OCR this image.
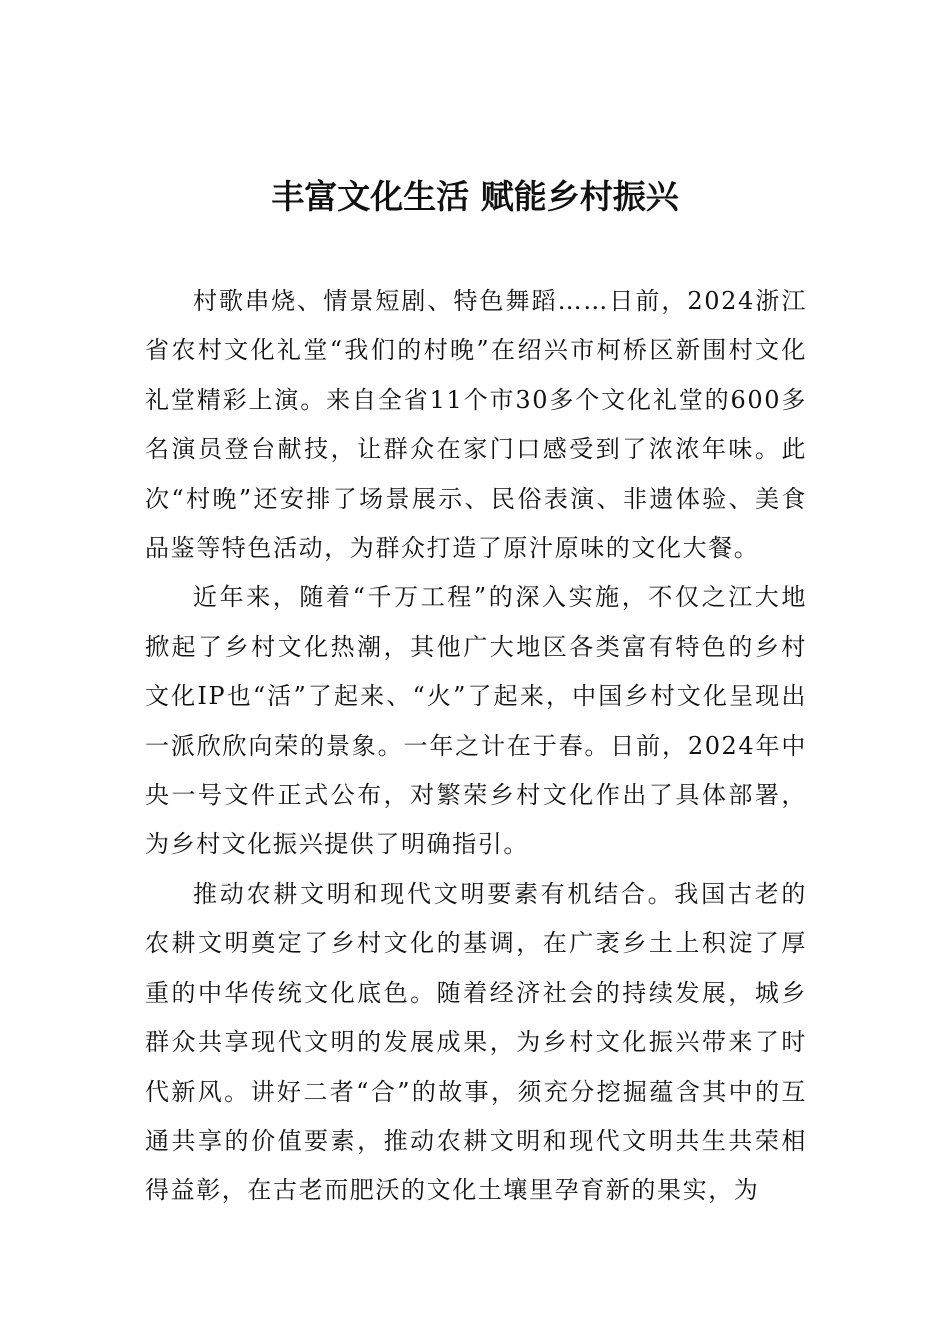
丰富文化生活 赋能乡村振兴

村歌串烧、情景短剧、特色舞蹈……日前，2024浙江省农村文化礼堂“我们的村晚”在绍兴市柯桥区新围村文化礼堂精彩上演。来自全省11个市30多个文化礼堂的600多名演员登台献技，让群众在家门口感受到了浓浓年味。此次“村晚”还安排了场景展示、民俗表演、非遗体验、美食品鉴等特色活动，为群众打造了原汁原味的文化大餐。

近年来，随着“千万工程”的深入实施，不仅之江大地掀起了乡村文化热潮，其他广大地区各类富有特色的乡村文化IP也“活”了起来、“火”了起来，中国乡村文化呈现出一派欣欣向荣的景象。一年之计在于春。日前，2024年中央一号文件正式公布，对繁荣乡村文化作出了具体部署，为乡村文化振兴提供了明确指引。

推动农耕文明和现代文明要素有机结合。我国古老的农耕文明奠定了乡村文化的基调，在广袤乡土上积淀了厚重的中华传统文化底色。随着经济社会的持续发展，城乡群众共享现代文明的发展成果，为乡村文化振兴带来了时代新风。讲好二者“合”的故事，须充分挖掘蕴含其中的互通共享的价值要素，推动农耕文明和现代文明共生共荣相得益彰，在古老而肥沃的文化土壤里孕育新的果实，为
